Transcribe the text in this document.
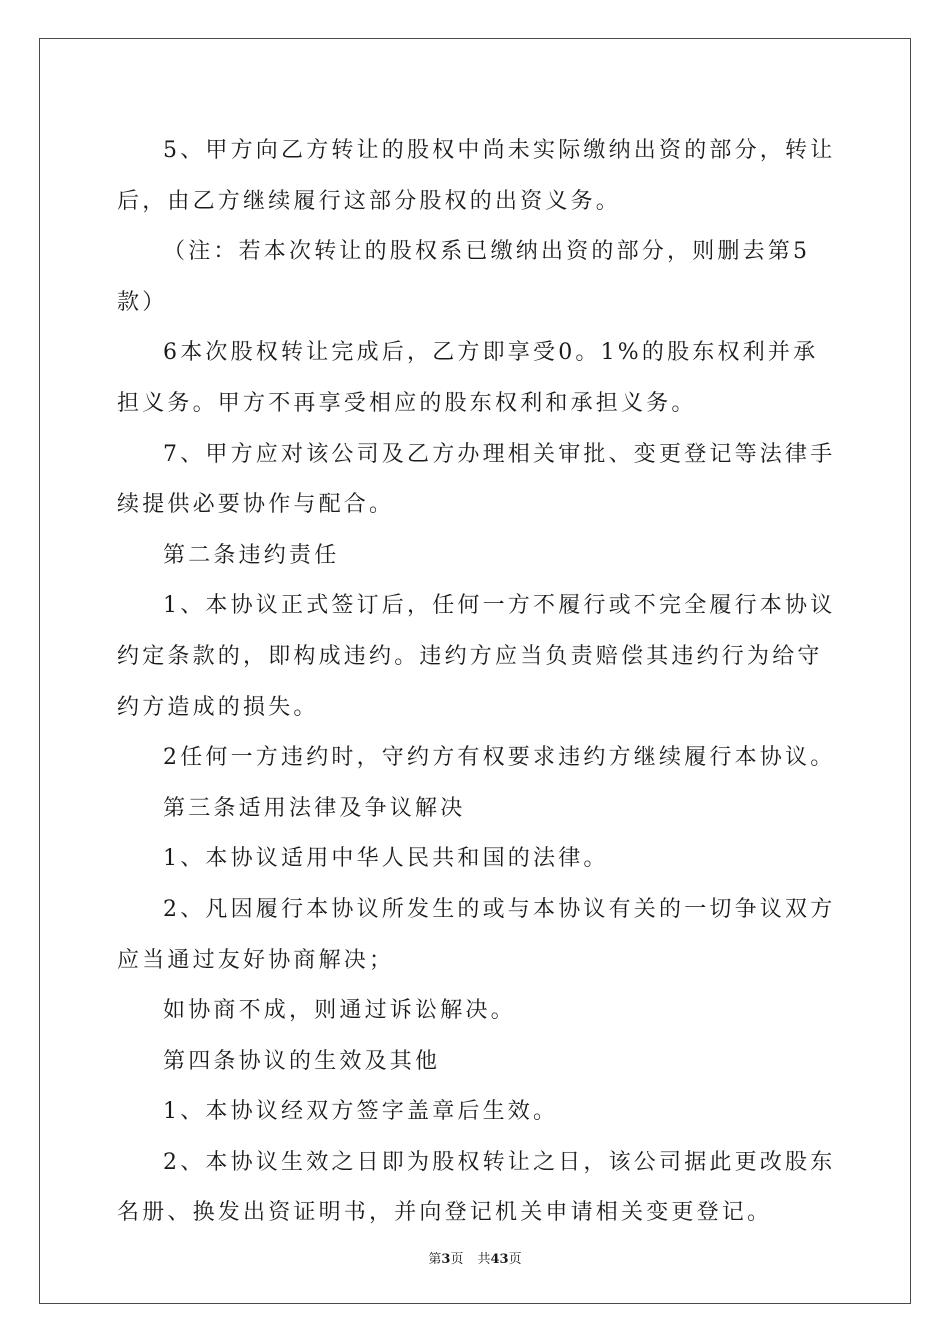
5、甲方向乙方转让的股权中尚未实际缴纳出资的部分，转让后，由乙方继续履行这部分股权的出资义务。

（注：若本次转让的股权系已缴纳出资的部分，则删去第5款）

6本次股权转让完成后，乙方即享受0。1%的股东权利并承担义务。甲方不再享受相应的股东权利和承担义务。

7、甲方应对该公司及乙方办理相关审批、变更登记等法律手续提供必要协作与配合。

第二条违约责任

1、本协议正式签订后，任何一方不履行或不完全履行本协议约定条款的，即构成违约。违约方应当负责赔偿其违约行为给守约方造成的损失。

2任何一方违约时，守约方有权要求违约方继续履行本协议。

第三条适用法律及争议解决

1、本协议适用中华人民共和国的法律。

2、凡因履行本协议所发生的或与本协议有关的一切争议双方应当通过友好协商解决；

如协商不成，则通过诉讼解决。

第四条协议的生效及其他

1、本协议经双方签字盖章后生效。

2、本协议生效之日即为股权转让之日，该公司据此更改股东名册、换发出资证明书，并向登记机关申请相关变更登记。

第3页 共43页
